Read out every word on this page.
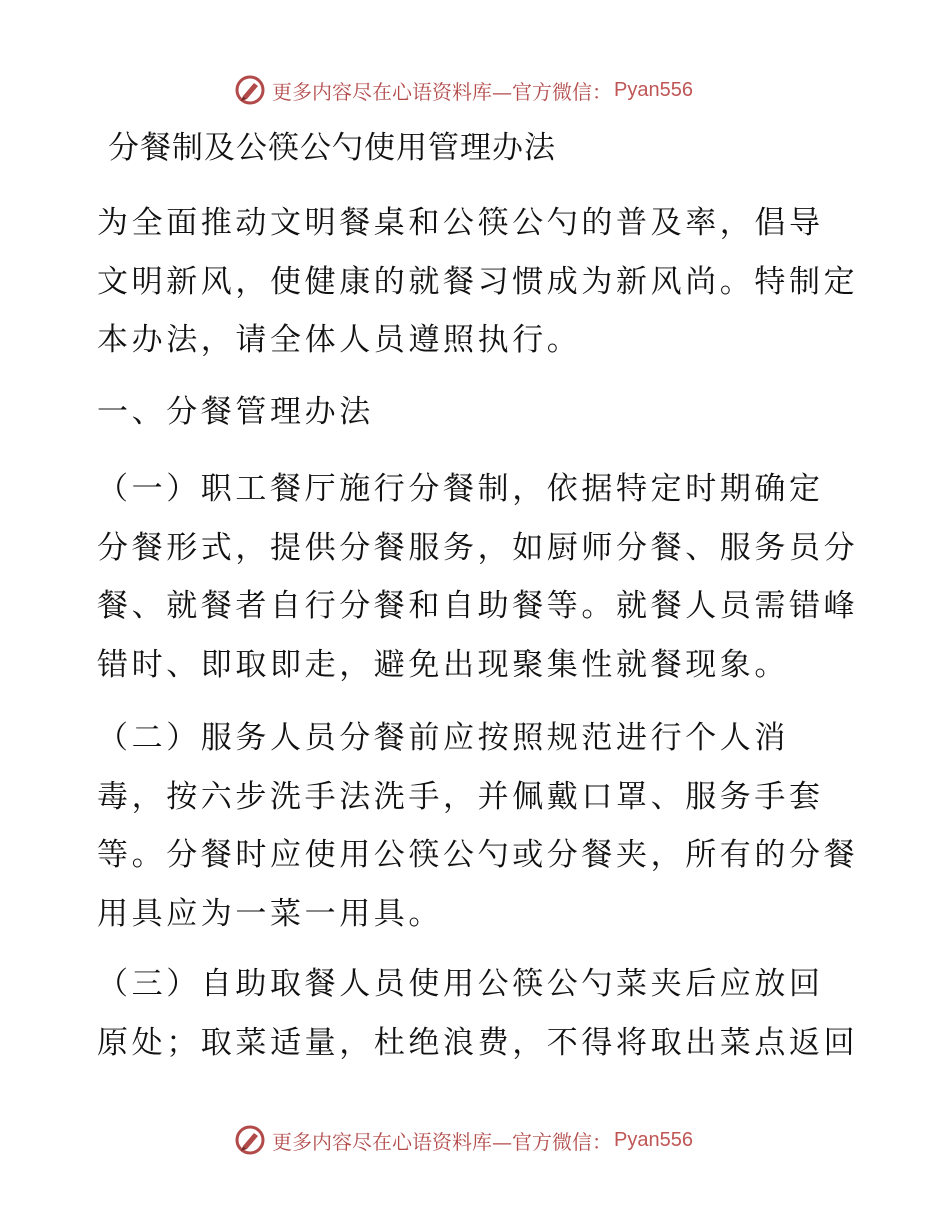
更多内容尽在心语资料库—官方微信： Pyan556
分餐制及公筷公勺使用管理办法

为全面推动文明餐桌和公筷公勺的普及率，倡导
文明新风，使健康的就餐习惯成为新风尚。特制定
本办法，请全体人员遵照执行。

一、分餐管理办法

（一）职工餐厅施行分餐制，依据特定时期确定
分餐形式，提供分餐服务，如厨师分餐、服务员分
餐、就餐者自行分餐和自助餐等。就餐人员需错峰
错时、即取即走，避免出现聚集性就餐现象。

（二）服务人员分餐前应按照规范进行个人消
毒，按六步洗手法洗手，并佩戴口罩、服务手套
等。分餐时应使用公筷公勺或分餐夹，所有的分餐
用具应为一菜一用具。

（三）自助取餐人员使用公筷公勺菜夹后应放回
原处；取菜适量，杜绝浪费，不得将取出菜点返回

更多内容尽在心语资料库—官方微信： Pyan556
